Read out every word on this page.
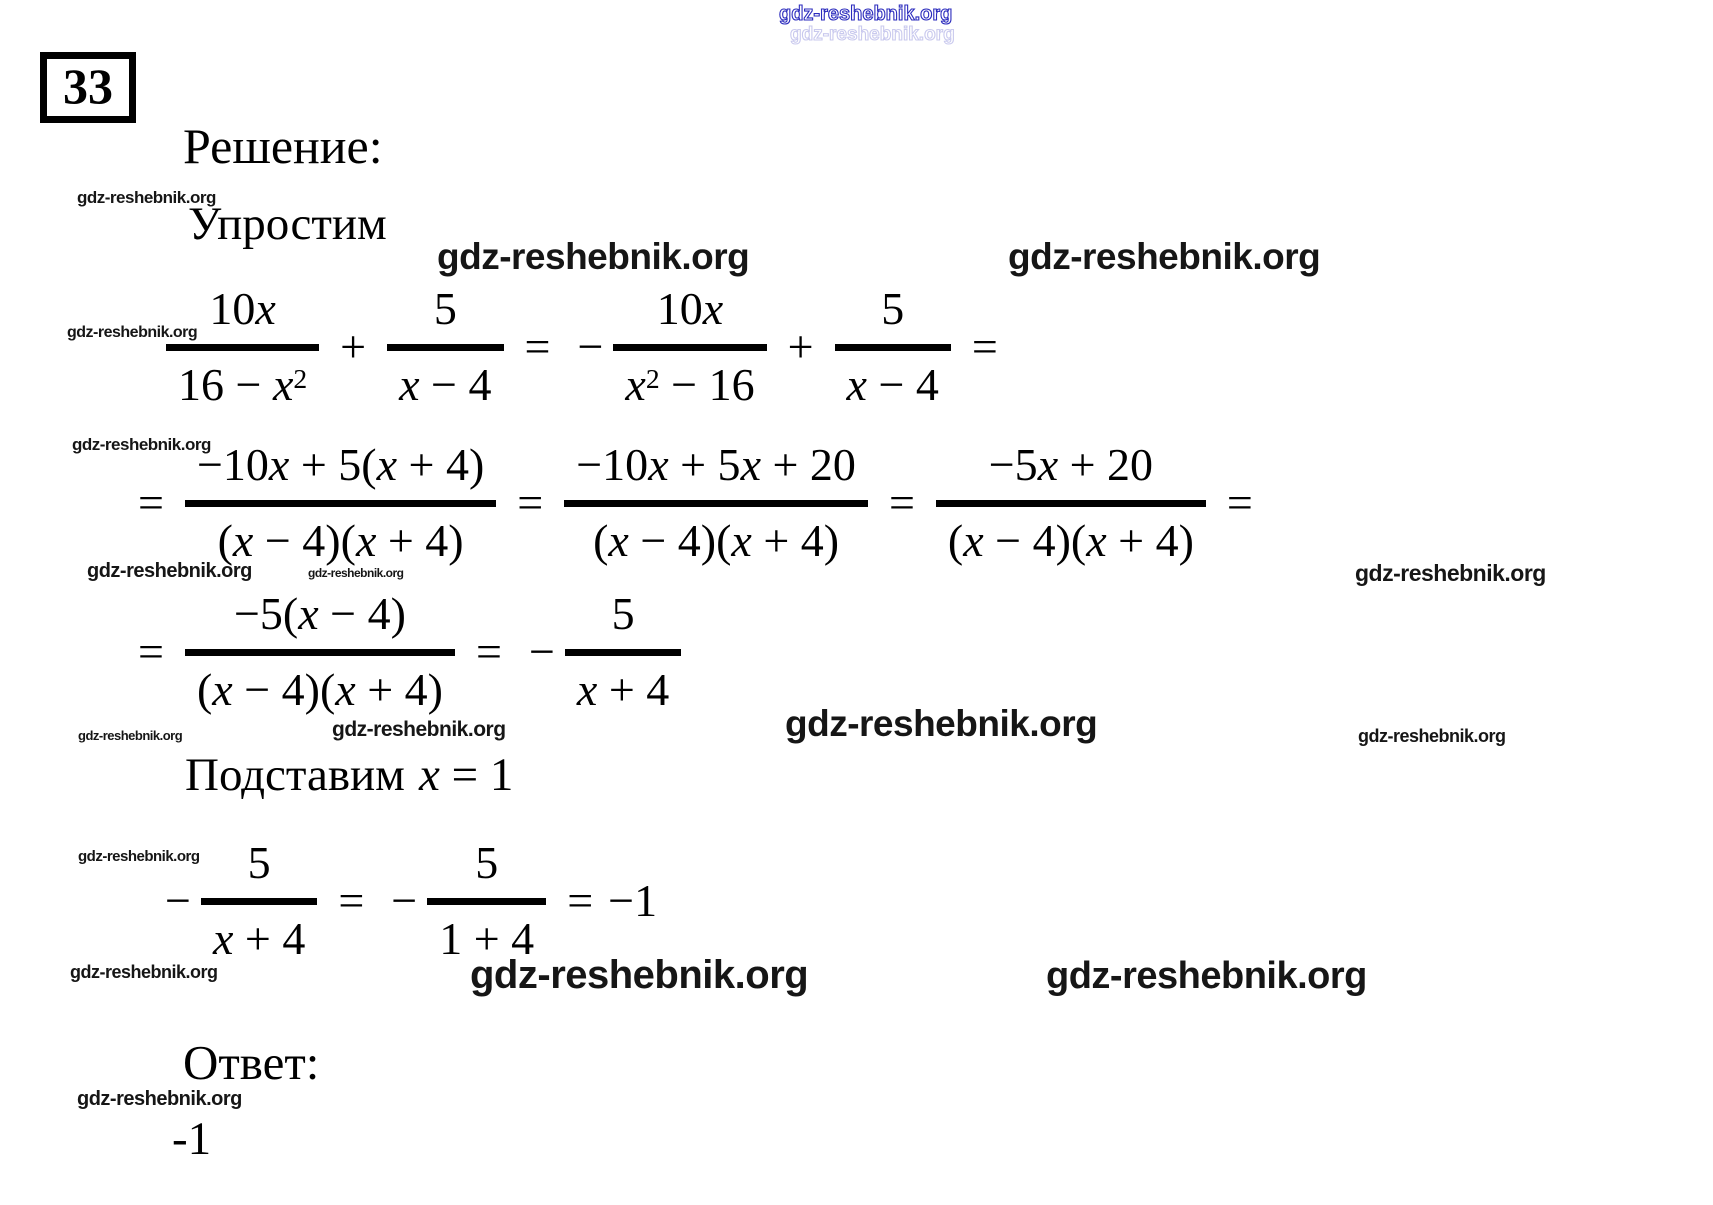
gdz-reshebnik.org
gdz-reshebnik.org
gdz-reshebnik.org
gdz-reshebnik.org	gdz-reshebnik.org
gdz-reshebnik.org
gdz-reshebnik.org
gdz-reshebnik.org	gdz-reshebnik.org	gdz-reshebnik.org
gdz-reshebnik.org	gdz-reshebnik.org	gdz-reshebnik.org	gdz-reshebnik.org
gdz-reshebnik.org
gdz-reshebnik.org	gdz-reshebnik.org	gdz-reshebnik.org
gdz-reshebnik.org
33
Решение:
Упростим
10x
$16 - x^2$
+
5
x − 4
= −
10x
$x^2 - 16$
+
5
x − 4
=
=
−10x + 5(x + 4)
(x − 4)(x + 4)
=
−10x + 5x + 20
(x − 4)(x + 4)
=
−5x + 20
(x − 4)(x + 4)
=
=
−5(x − 4)
(x − 4)(x + 4)
= −
5
x + 4
Подставим x = 1
−
5
x + 4
= −
5
1 + 4
= −1
Ответ:
-1
